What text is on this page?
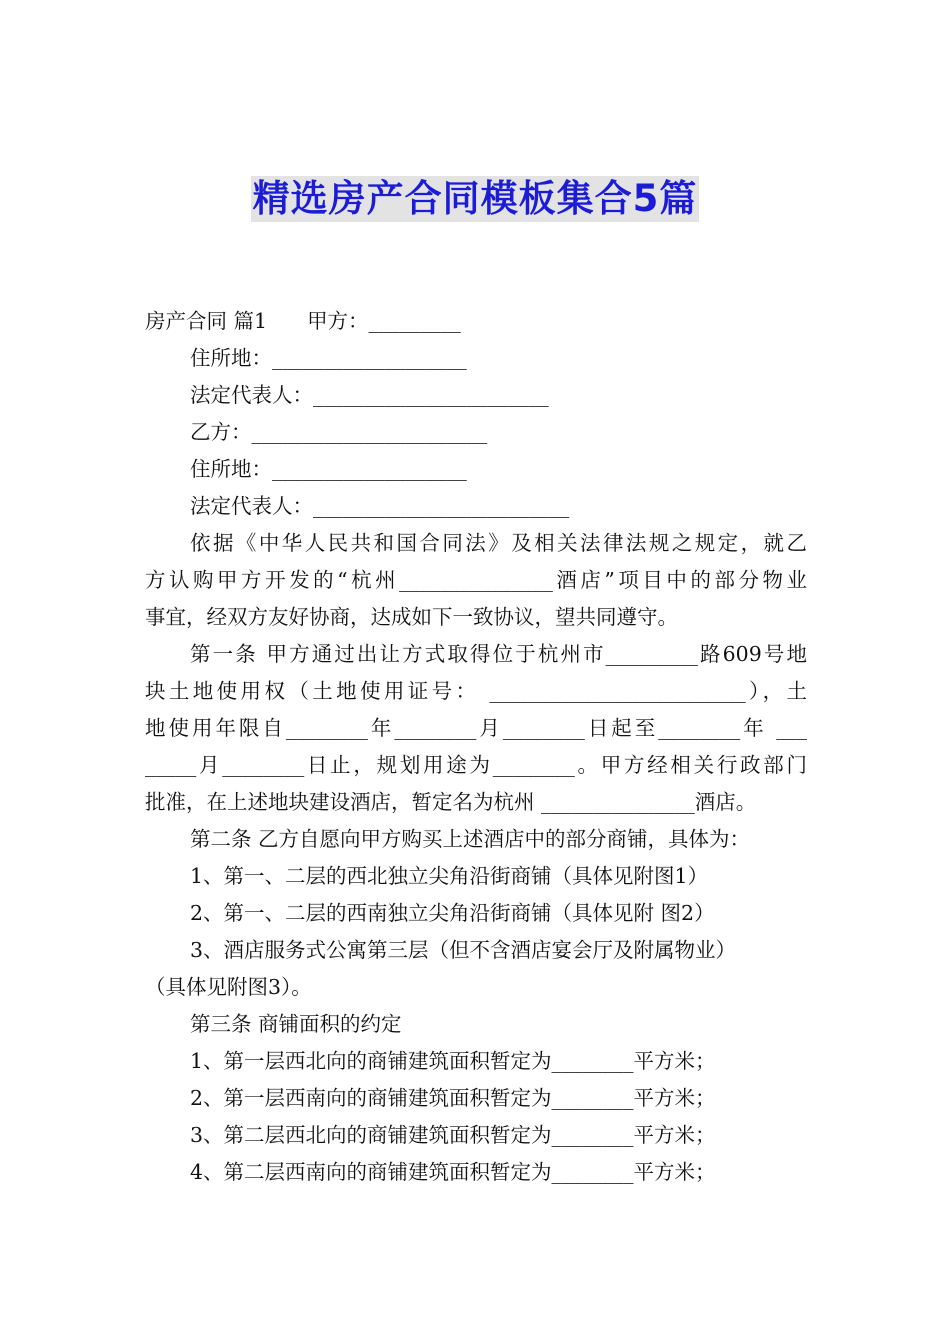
精选房产合同模板集合5篇
房产合同 篇1 甲方：_________
住所地：___________________
法定代表人：_______________________
乙方：_______________________
住所地：___________________
法定代表人：_________________________
依据《中华人民共和国合同法》及相关法律法规之规定，就乙
方认购甲方开发的“杭州_______________酒店”项目中的部分物业
事宜，经双方友好协商，达成如下一致协议，望共同遵守。
第一条 甲方通过出让方式取得位于杭州市_________路609号地
块土地使用权（土地使用证号： _________________________），土
地使用年限自________年________月________日起至________年 ___
_____月________日止，规划用途为________。甲方经相关行政部门
批准，在上述地块建设酒店，暂定名为杭州 _______________酒店。
第二条 乙方自愿向甲方购买上述酒店中的部分商铺，具体为：
1、第一、二层的西北独立尖角沿街商铺（具体见附图1）
2、第一、二层的西南独立尖角沿街商铺（具体见附 图2）
3、酒店服务式公寓第三层（但不含酒店宴会厅及附属物业）
（具体见附图3）。
第三条 商铺面积的约定
1、第一层西北向的商铺建筑面积暂定为________平方米；
2、第一层西南向的商铺建筑面积暂定为________平方米；
3、第二层西北向的商铺建筑面积暂定为________平方米；
4、第二层西南向的商铺建筑面积暂定为________平方米；
